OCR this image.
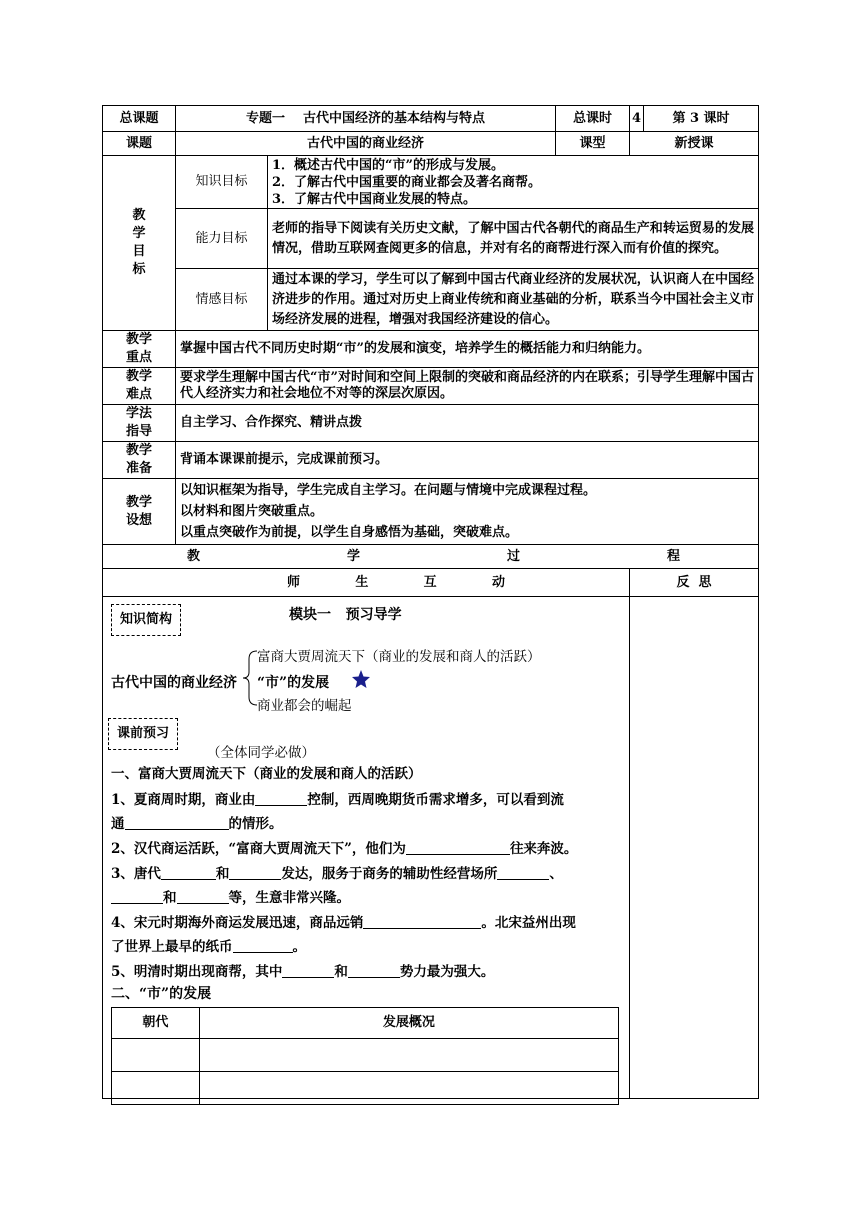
总课题	专题一    古代中国经济的基本结构与特点	总课时	4	第 3 课时
课题	古代中国的商业经济	课型	新授课

教
学
目
标
	知识目标	
1．概述古代中国的“市”的形成与发展。
2．了解古代中国重要的商业都会及著名商帮。
3．了解古代中国商业发展的特点。

能力目标	老师的指导下阅读有关历史文献，了解中国古代各朝代的商品生产和转运贸易的发展情况，借助互联网查阅更多的信息，并对有名的商帮进行深入而有价值的探究。
情感目标	通过本课的学习，学生可以了解到中国古代商业经济的发展状况，认识商人在中国经济进步的作用。通过对历史上商业传统和商业基础的分析，联系当今中国社会主义市场经济发展的进程，增强对我国经济建设的信心。

教学
重点
	掌握中国古代不同历史时期“市”的发展和演变，培养学生的概括能力和归纳能力。

教学
难点
	要求学生理解中国古代“市”对时间和空间上限制的突破和商品经济的内在联系；引导学生理解中国古代人经济实力和社会地位不对等的深层次原因。

学法
指导
	自主学习、合作探究、精讲点拨

教学
准备
	背诵本课课前提示，完成课前预习。

教学
设想

以知识框架为指导，学生完成自主学习。在问题与情境中完成课程过程。
以材料和图片突破重点。
以重点突破作为前提，以学生自身感悟为基础，突破难点。

教	学	过	程

师	生	互	动	反  思

知识简构	模块一   预习导学
古代中国的商业经济
富商大贾周流天下（商业的发展和商人的活跃）
“市”的发展
商业都会的崛起
课前预习
（全体同学必做）
一、富商大贾周流天下（商业的发展和商人的活跃）
1、夏商周时期，商业由	控制，西周晚期货币需求增多，可以看到流
通	的情形。
2、汉代商运活跃，“富商大贾周流天下”，他们为	往来奔波。
3、唐代	和	发达，服务于商务的辅助性经营场所	、
和	等，生意非常兴隆。
4、宋元时期海外商运发展迅速，商品远销	。北宋益州出现
了世界上最早的纸币	。
5、明清时期出现商帮，其中	和	势力最为强大。
二、“市”的发展
朝代	发展概况
